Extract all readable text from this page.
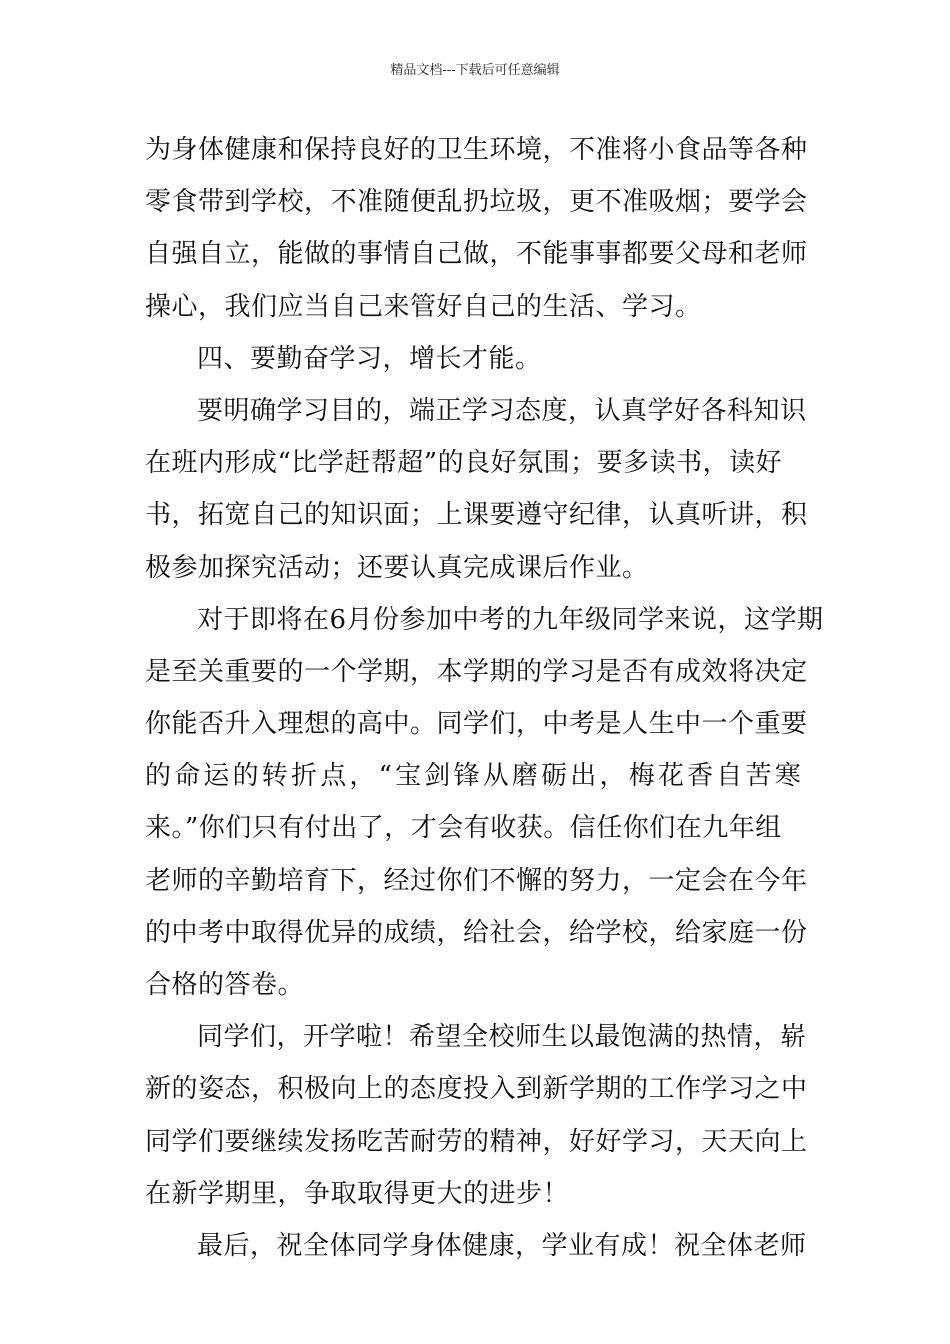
精品文档---下载后可任意编辑
为身体健康和保持良好的卫生环境，不准将小食品等各种
零食带到学校，不准随便乱扔垃圾，更不准吸烟；要学会
自强自立，能做的事情自己做，不能事事都要父母和老师
操心，我们应当自己来管好自己的生活、学习。
四、要勤奋学习，增长才能。
要明确学习目的，端正学习态度，认真学好各科知识
在班内形成“比学赶帮超”的良好氛围；要多读书，读好
书，拓宽自己的知识面；上课要遵守纪律，认真听讲，积
极参加探究活动；还要认真完成课后作业。
对于即将在6月份参加中考的九年级同学来说，这学期
是至关重要的一个学期，本学期的学习是否有成效将决定
你能否升入理想的高中。同学们，中考是人生中一个重要
的命运的转折点，“宝剑锋从磨砺出，梅花香自苦寒
来。”你们只有付出了，才会有收获。信任你们在九年组
老师的辛勤培育下，经过你们不懈的努力，一定会在今年
的中考中取得优异的成绩，给社会，给学校，给家庭一份
合格的答卷。
同学们，开学啦！希望全校师生以最饱满的热情，崭
新的姿态，积极向上的态度投入到新学期的工作学习之中
同学们要继续发扬吃苦耐劳的精神，好好学习，天天向上
在新学期里，争取取得更大的进步！
最后，祝全体同学身体健康，学业有成！祝全体老师
